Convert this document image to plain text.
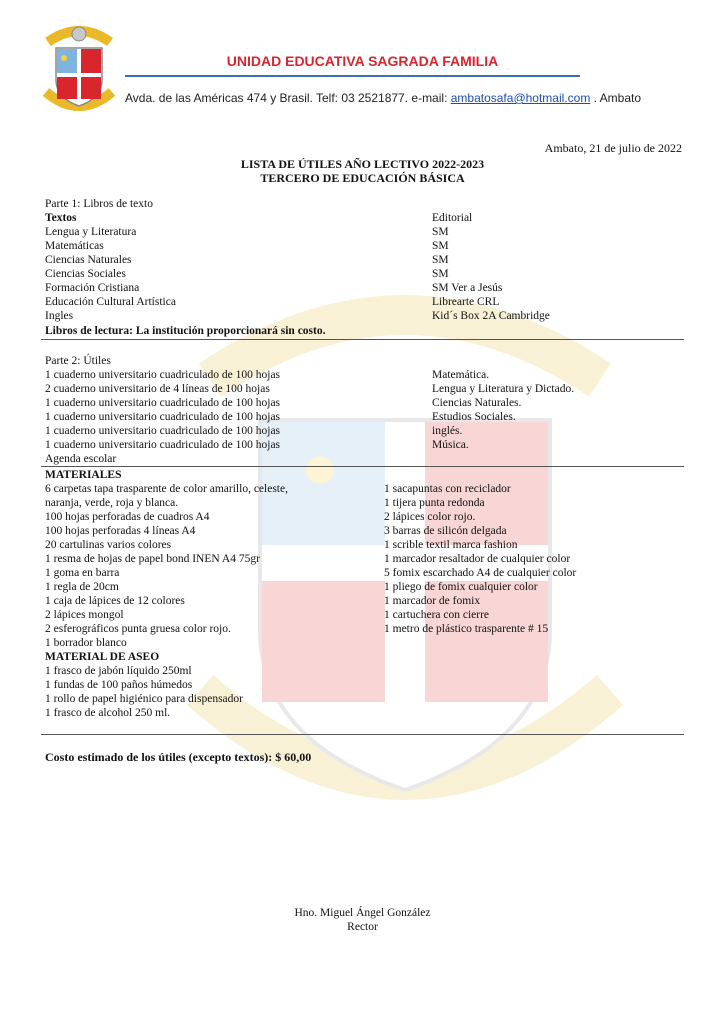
UNIDAD EDUCATIVA SAGRADA FAMILIA
Avda. de las Américas 474 y Brasil. Telf: 03 2521877. e-mail: ambatosafa@hotmail.com . Ambato
Ambato, 21 de julio de 2022
LISTA DE ÚTILES AÑO LECTIVO 2022-2023
TERCERO DE EDUCACIÓN BÁSICA
Parte 1: Libros de texto
Textos	Editorial
Lengua y Literatura	SM
Matemáticas	SM
Ciencias Naturales	SM
Ciencias Sociales	SM
Formación Cristiana	SM Ver a Jesús
Educación Cultural Artística	Librearte CRL
Ingles	Kid´s Box 2A Cambridge
Libros de lectura: La institución proporcionará sin costo.
Parte 2: Útiles
1 cuaderno universitario cuadriculado de 100 hojas	Matemática.
2 cuaderno universitario de 4 líneas de 100 hojas	Lengua y Literatura y Dictado.
1 cuaderno universitario cuadriculado de 100 hojas	Ciencias Naturales.
1 cuaderno universitario cuadriculado de 100 hojas	Estudios Sociales.
1 cuaderno universitario cuadriculado de 100 hojas	inglés.
1 cuaderno universitario cuadriculado de 100 hojas	Música.
Agenda escolar
MATERIALES
6 carpetas tapa trasparente de color amarillo, celeste,
naranja, verde, roja y blanca.
100 hojas perforadas de cuadros A4
100 hojas perforadas 4 líneas A4
20 cartulinas varios colores
1 resma de hojas de papel bond INEN A4 75gr
1 goma en barra
1 regla de 20cm
1 caja de lápices de 12 colores
2 lápices mongol
2 esferográficos punta gruesa color rojo.
1 borrador blanco
1 sacapuntas con reciclador
1 tijera punta redonda
2 lápices color rojo.
3 barras de silicón delgada
1 scrible textil marca fashion
1 marcador resaltador de cualquier color
5 fomix escarchado A4 de cualquier color
1 pliego de fomix cualquier color
1 marcador de fomix
1 cartuchera con cierre
1 metro de plástico trasparente # 15
MATERIAL DE ASEO
1 frasco de jabón líquido 250ml
1 fundas de 100 paños húmedos
1 rollo de papel higiénico para dispensador
1 frasco de alcohol 250 ml.
Costo estimado de los útiles (excepto textos): $ 60,00
Hno. Miguel Ángel González
Rector
